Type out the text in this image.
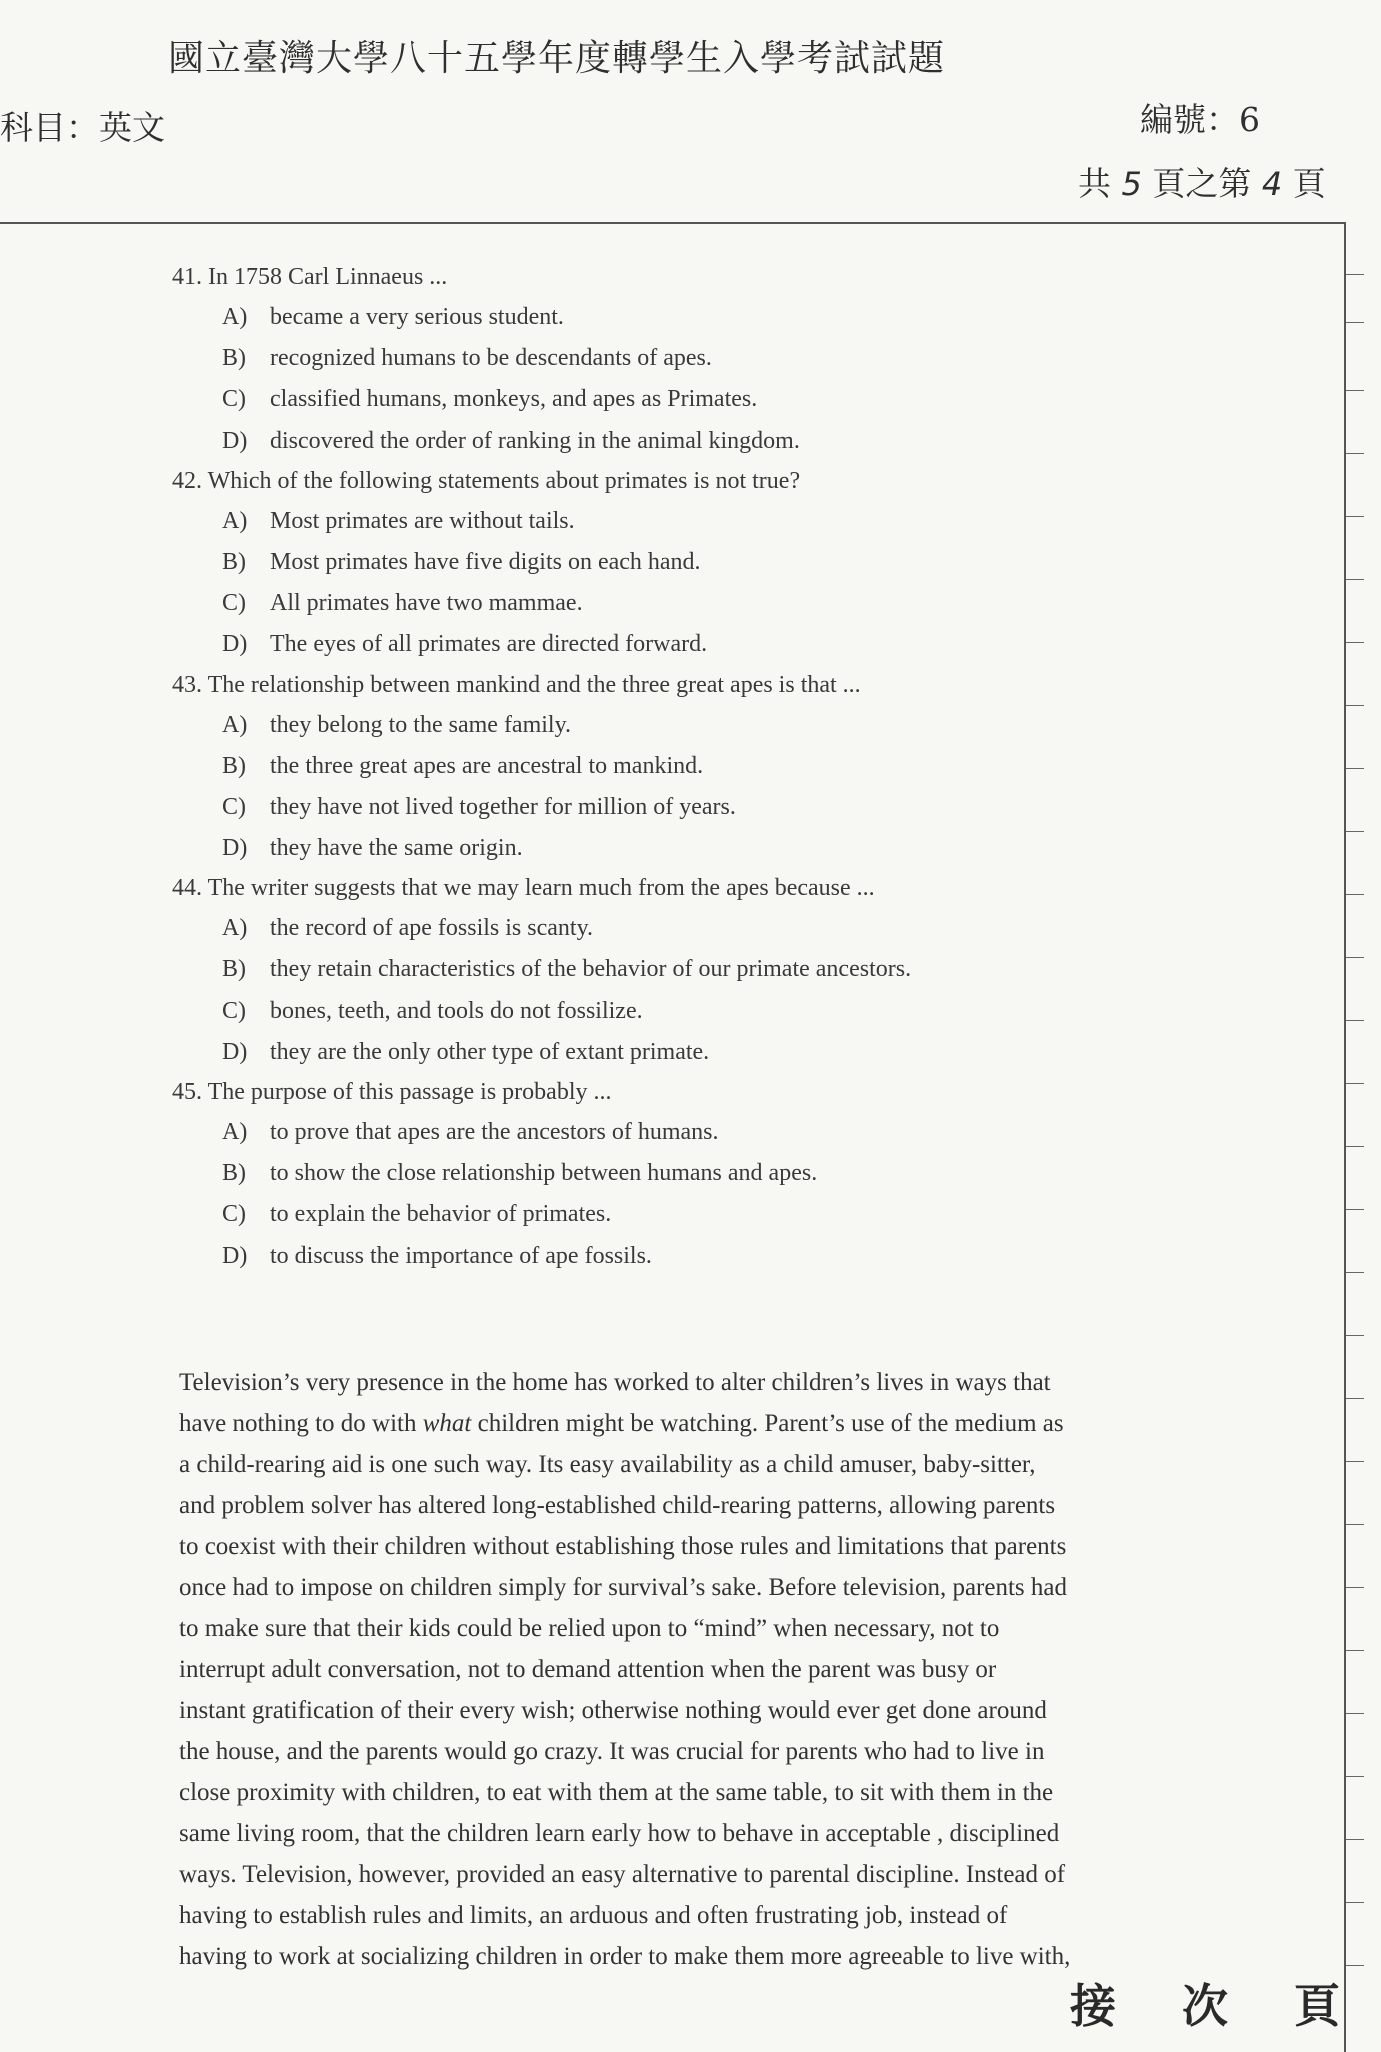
國立臺灣大學八十五學年度轉學生入學考試試題
科目：英文	編號：6
共 5 頁之第 4 頁
41. In 1758 Carl Linnaeus ...
A) became a very serious student.
B) recognized humans to be descendants of apes.
C) classified humans, monkeys, and apes as Primates.
D) discovered the order of ranking in the animal kingdom.
42. Which of the following statements about primates is not true?
A) Most primates are without tails.
B) Most primates have five digits on each hand.
C) All primates have two mammae.
D) The eyes of all primates are directed forward.
43. The relationship between mankind and the three great apes is that ...
A) they belong to the same family.
B) the three great apes are ancestral to mankind.
C) they have not lived together for million of years.
D) they have the same origin.
44. The writer suggests that we may learn much from the apes because ...
A) the record of ape fossils is scanty.
B) they retain characteristics of the behavior of our primate ancestors.
C) bones, teeth, and tools do not fossilize.
D) they are the only other type of extant primate.
45. The purpose of this passage is probably ...
A) to prove that apes are the ancestors of humans.
B) to show the close relationship between humans and apes.
C) to explain the behavior of primates.
D) to discuss the importance of ape fossils.
Television’s very presence in the home has worked to alter children’s lives in ways that
have nothing to do with what children might be watching. Parent’s use of the medium as
a child-rearing aid is one such way. Its easy availability as a child amuser, baby-sitter,
and problem solver has altered long-established child-rearing patterns, allowing parents
to coexist with their children without establishing those rules and limitations that parents
once had to impose on children simply for survival’s sake. Before television, parents had
to make sure that their kids could be relied upon to “mind” when necessary, not to
interrupt adult conversation, not to demand attention when the parent was busy or
instant gratification of their every wish; otherwise nothing would ever get done around
the house, and the parents would go crazy. It was crucial for parents who had to live in
close proximity with children, to eat with them at the same table, to sit with them in the
same living room, that the children learn early how to behave in acceptable , disciplined
ways. Television, however, provided an easy alternative to parental discipline. Instead of
having to establish rules and limits, an arduous and often frustrating job, instead of
having to work at socializing children in order to make them more agreeable to live with,
接 次 頁
